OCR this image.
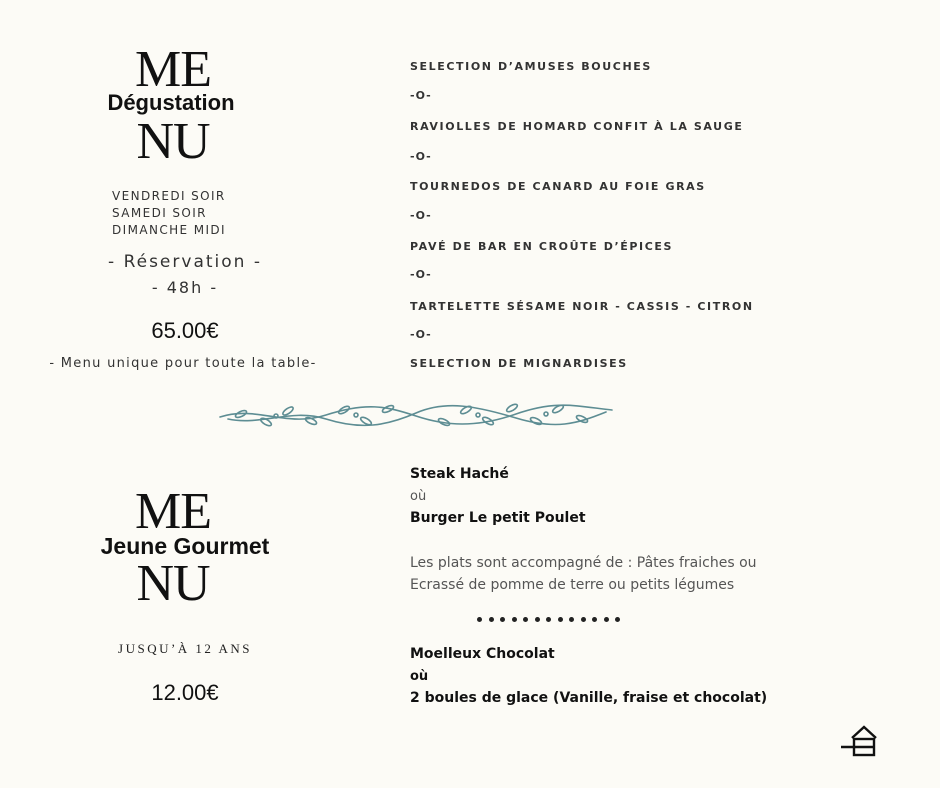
ME
Dégustation
NU
VENDREDI SOIR
SAMEDI SOIR
DIMANCHE MIDI
- Réservation -
- 48h -
65.00€
- Menu unique pour toute la table-
SELECTION D’AMUSES BOUCHES
-O-
RAVIOLLES DE HOMARD CONFIT À LA SAUGE
-O-
TOURNEDOS DE CANARD AU FOIE GRAS
-O-
PAVÉ DE BAR EN CROÛTE D’ÉPICES
-O-
TARTELETTE SÉSAME NOIR - CASSIS - CITRON
-O-
SELECTION DE MIGNARDISES
ME
Jeune Gourmet
NU
JUSQU’À 12 ANS
12.00€
Steak Haché
où
Burger Le petit Poulet
Les plats sont accompagné de : Pâtes fraiches ou Ecrassé de pomme de terre ou petits légumes
Moelleux Chocolat
où
2 boules de glace (Vanille, fraise et chocolat)
